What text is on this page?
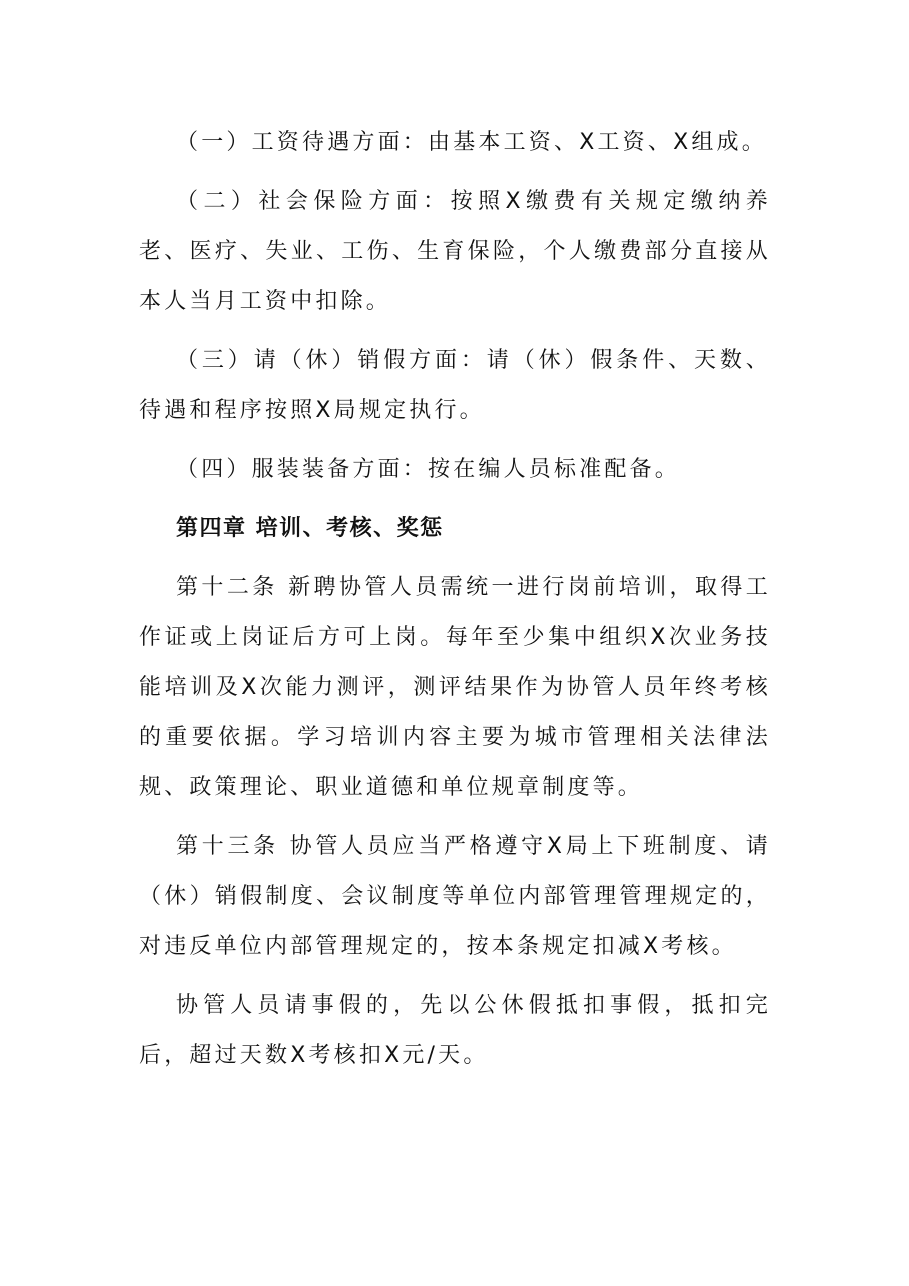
（一）工资待遇方面：由基本工资、X工资、X组成。

（二）社会保险方面：按照X缴费有关规定缴纳养老、医疗、失业、工伤、生育保险，个人缴费部分直接从本人当月工资中扣除。

（三）请（休）销假方面：请（休）假条件、天数、待遇和程序按照X局规定执行。

（四）服装装备方面：按在编人员标准配备。

第四章 培训、考核、奖惩

第十二条 新聘协管人员需统一进行岗前培训，取得工作证或上岗证后方可上岗。每年至少集中组织X次业务技能培训及X次能力测评，测评结果作为协管人员年终考核的重要依据。学习培训内容主要为城市管理相关法律法规、政策理论、职业道德和单位规章制度等。

第十三条 协管人员应当严格遵守X局上下班制度、请（休）销假制度、会议制度等单位内部管理管理规定的，对违反单位内部管理规定的，按本条规定扣减X考核。

协管人员请事假的，先以公休假抵扣事假，抵扣完后，超过天数X考核扣X元/天。
